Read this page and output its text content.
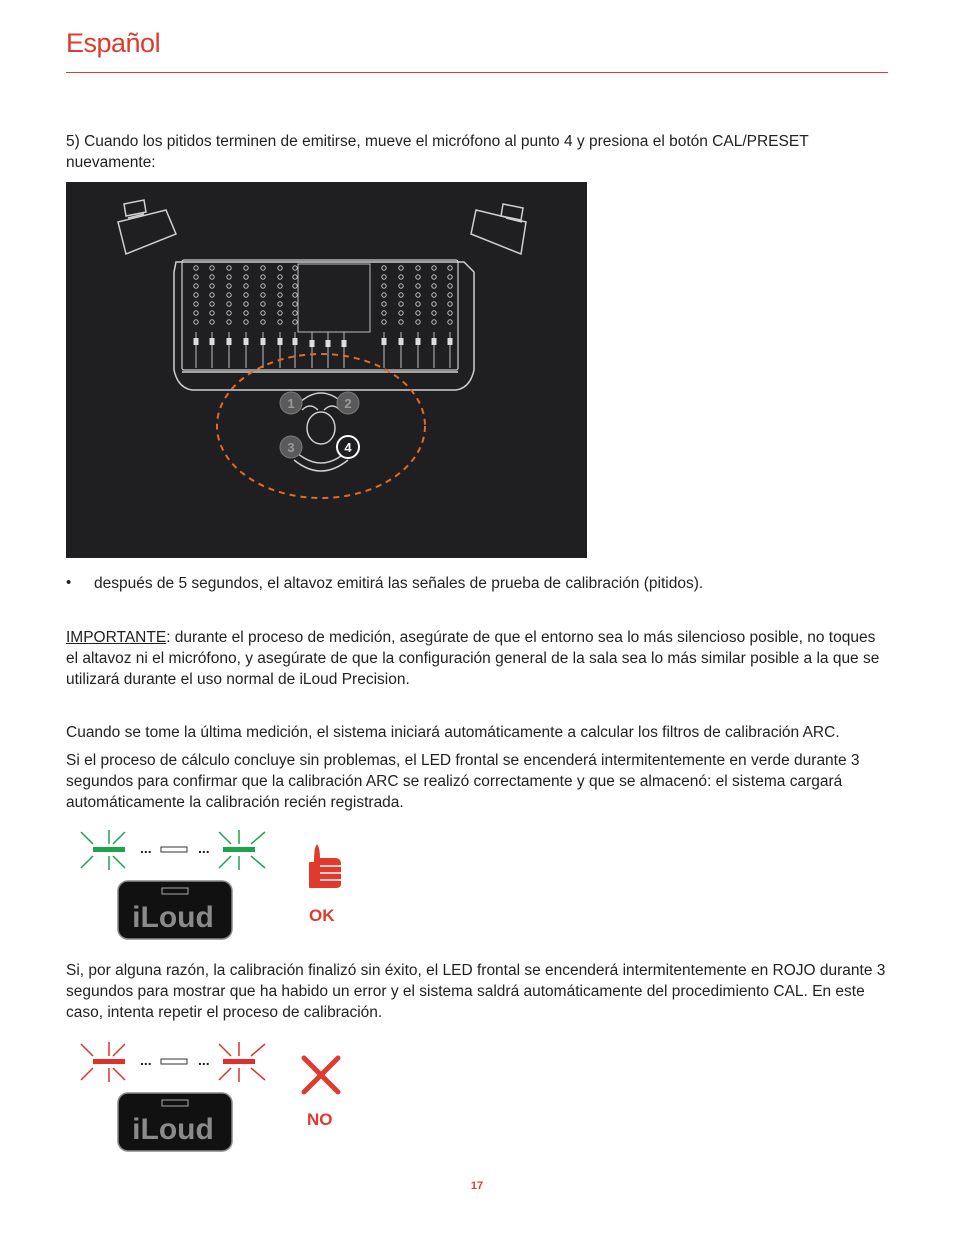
Español

5) Cuando los pitidos terminen de emitirse, mueve el micrófono al punto 4 y presiona el botón CAL/PRESET nuevamente:

1	2
3	4
• después de 5 segundos, el altavoz emitirá las señales de prueba de calibración (pitidos).

IMPORTANTE: durante el proceso de medición, asegúrate de que el entorno sea lo más silencioso posible, no toques el altavoz ni el micrófono, y asegúrate de que la configuración general de la sala sea lo más similar posible a la que se utilizará durante el uso normal de iLoud Precision.

Cuando se tome la última medición, el sistema iniciará automáticamente a calcular los filtros de calibración ARC.

Si el proceso de cálculo concluye sin problemas, el LED frontal se encenderá intermitentemente en verde durante 3 segundos para confirmar que la calibración ARC se realizó correctamente y que se almacenó: el sistema cargará automáticamente la calibración recién registrada.

...	...
iLoud	OK

Si, por alguna razón, la calibración finalizó sin éxito, el LED frontal se encenderá intermitentemente en ROJO durante 3 segundos para mostrar que ha habido un error y el sistema saldrá automáticamente del procedimiento CAL. En este caso, intenta repetir el proceso de calibración.

...	...
iLoud	NO
17
